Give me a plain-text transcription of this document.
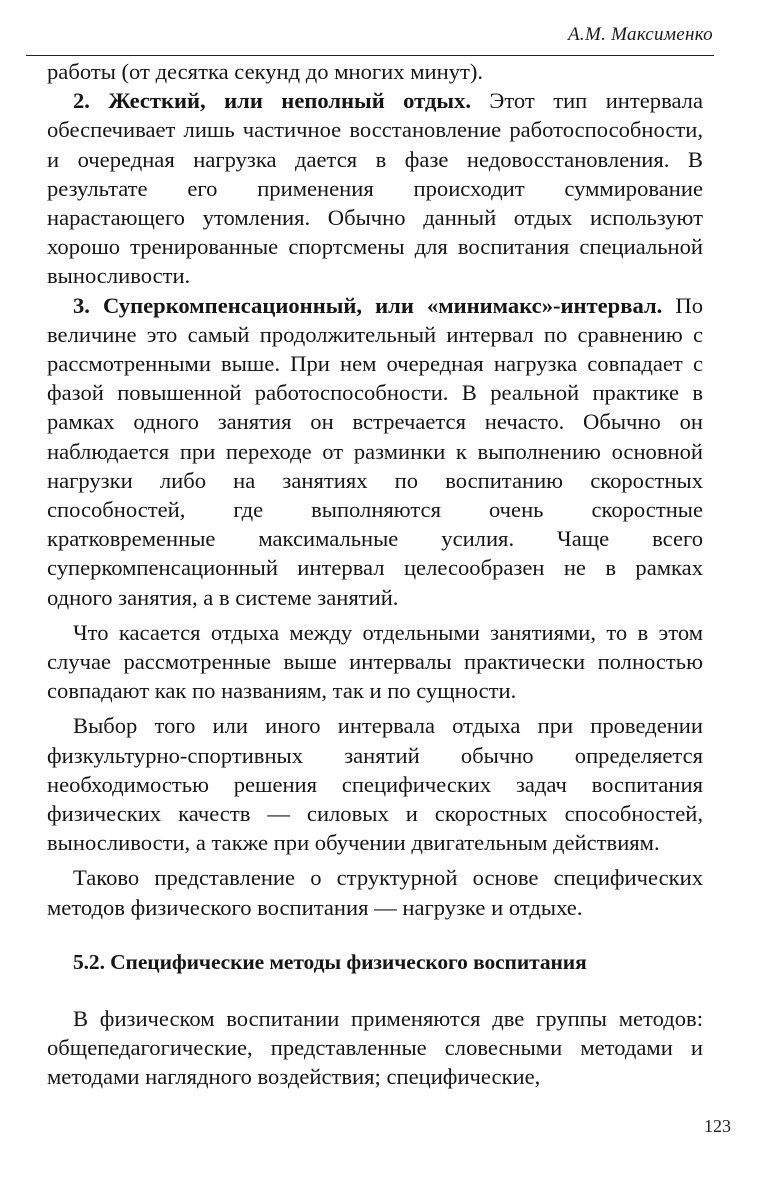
А.М. Максименко

работы (от десятка секунд до многих минут).

2. Жесткий, или неполный отдых. Этот тип интервала обеспечивает лишь частичное восстановление работоспособности, и очередная нагрузка дается в фазе недовосстановления. В результате его применения происходит суммирование нарастающего утомления. Обычно данный отдых используют хорошо тренированные спортсмены для воспитания специальной выносливости.

3. Суперкомпенсационный, или «минимакс»-интервал. По величине это самый продолжительный интервал по сравнению с рассмотренными выше. При нем очередная нагрузка совпадает с фазой повышенной работоспособности. В реальной практике в рамках одного занятия он встречается нечасто. Обычно он наблюдается при переходе от разминки к выполнению основной нагрузки либо на занятиях по воспитанию скоростных способностей, где выполняются очень скоростные кратковременные максимальные усилия. Чаще всего суперкомпенсационный интервал целесообразен не в рамках одного занятия, а в системе занятий.

Что касается отдыха между отдельными занятиями, то в этом случае рассмотренные выше интервалы практически полностью совпадают как по названиям, так и по сущности.

Выбор того или иного интервала отдыха при проведении физкультурно-спортивных занятий обычно определяется необходимостью решения специфических задач воспитания физических качеств — силовых и скоростных способностей, выносливости, а также при обучении двигательным действиям.

Таково представление о структурной основе специфических методов физического воспитания — нагрузке и отдыхе.

5.2. Специфические методы физического воспитания

В физическом воспитании применяются две группы методов: общепедагогические, представленные словесными методами и методами наглядного воздействия; специфические,

123
